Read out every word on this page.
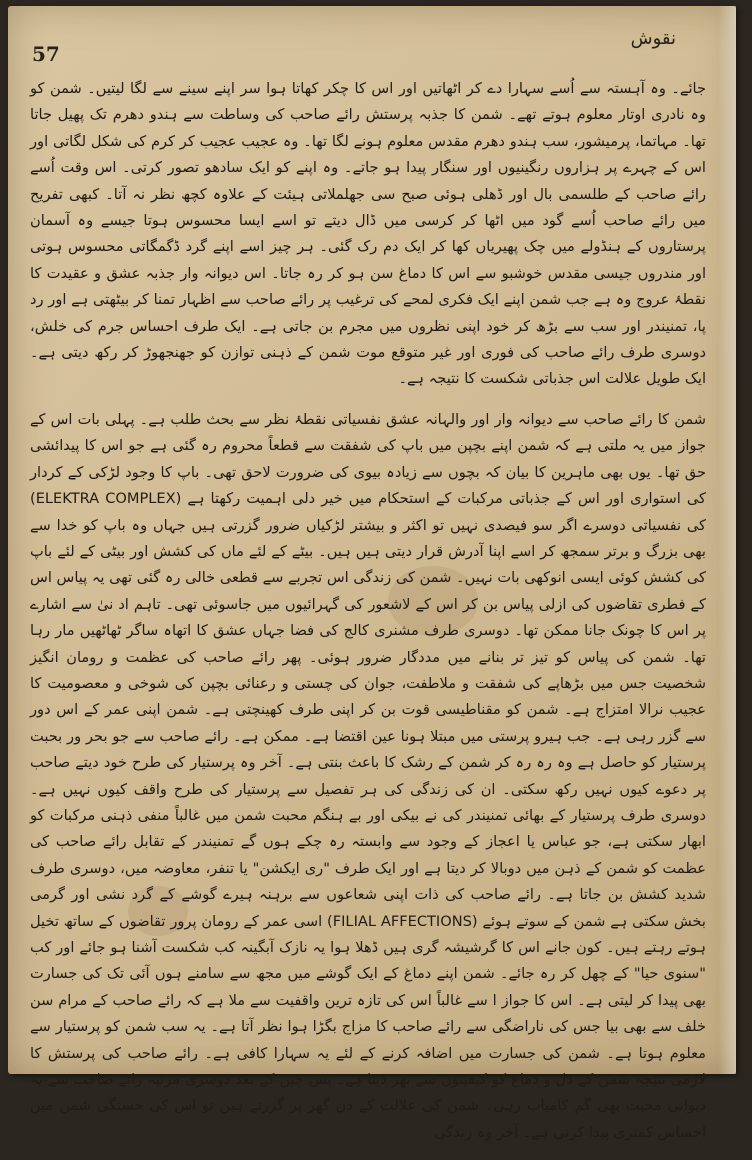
57
نقوش

جائے۔ وہ آہستہ سے اُسے سہارا دے کر اٹھاتیں اور اس کا چکر کھاتا ہوا سر اپنے سینے سے لگا لیتیں۔ شمن کو وہ نادری اوتار معلوم ہوتے تھے۔ شمن کا جذبہ پرستش رائے صاحب کی وساطت سے ہندو دھرم تک پھیل جاتا تھا۔ مہاتما، پرمیشور، سب ہندو دھرم مقدس معلوم ہونے لگا تھا۔ وہ عجیب عجیب کر کرم کی شکل لگاتی اور اس کے چہرے پر ہزاروں رنگینیوں اور سنگار پیدا ہو جاتے۔ وہ اپنے کو ایک سادھو تصور کرتی۔ اس وقت اُسے رائے صاحب کے طلسمی بال اور ڈھلی ہوئی صبح سی جھلملاتی ہیئت کے علاوہ کچھ نظر نہ آتا۔ کبھی تفریح میں رائے صاحب اُسے گود میں اٹھا کر کرسی میں ڈال دیتے تو اسے ایسا محسوس ہوتا جیسے وہ آسمان پرستاروں کے ہنڈولے میں چک پھیریاں کھا کر ایک دم رک گئی۔ ہر چیز اسے اپنے گرد ڈگمگاتی محسوس ہوتی اور مندروں جیسی مقدس خوشبو سے اس کا دماغ سن ہو کر رہ جاتا۔ اس دیوانہ وار جذبہ عشق و عقیدت کا نقطۂ عروج وہ ہے جب شمن اپنے ایک فکری لمحے کی ترغیب پر رائے صاحب سے اظہار تمنا کر بیٹھتی ہے اور رد پا، تمنیندر اور سب سے بڑھ کر خود اپنی نظروں میں مجرم بن جاتی ہے۔ ایک طرف احساس جرم کی خلش، دوسری طرف رائے صاحب کی فوری اور غیر متوقع موت شمن کے ذہنی توازن کو جھنجھوڑ کر رکھ دیتی ہے۔ ایک طویل علالت اس جذباتی شکست کا نتیجہ ہے۔

شمن کا رائے صاحب سے دیوانہ وار اور والہانہ عشق نفسیاتی نقطۂ نظر سے بحث طلب ہے۔ پہلی بات اس کے جواز میں یہ ملتی ہے کہ شمن اپنے بچپن میں باپ کی شفقت سے قطعاً محروم رہ گئی ہے جو اس کا پیدائشی حق تھا۔ یوں بھی ماہرین کا بیان کہ بچوں سے زیادہ بیوی کی ضرورت لاحق تھی۔ باپ کا وجود لڑکی کے کردار کی استواری اور اس کے جذباتی مرکبات کے استحکام میں خیر دلی اہمیت رکھتا ہے (ELEKTRA COMPLEX) کی نفسیاتی دوسرے اگر سو فیصدی نہیں تو اکثر و بیشتر لڑکیاں ضرور گزرتی ہیں جہاں وہ باپ کو خدا سے بھی بزرگ و برتر سمجھ کر اسے اپنا آدرش قرار دیتی ہیں ہیں۔ بیٹے کے لئے ماں کی کشش اور بیٹی کے لئے باپ کی کشش کوئی ایسی انوکھی بات نہیں۔ شمن کی زندگی اس تجربے سے قطعی خالی رہ گئی تھی یہ پیاس اس کے فطری تقاضوں کی ازلی پیاس بن کر اس کے لاشعور کی گہرائیوں میں جاسوئی تھی۔ تاہم اد نیٰ سے اشارے پر اس کا چونک جانا ممکن تھا۔ دوسری طرف مشنری کالج کی فضا جہاں عشق کا اتھاہ ساگر ٹھاٹھیں مار رہا تھا۔ شمن کی پیاس کو تیز تر بنانے میں مددگار ضرور ہوئی۔ پھر رائے صاحب کی عظمت و رومان انگیز شخصیت جس میں بڑھاپے کی شفقت و ملاطفت، جوان کی چستی و رعنائی بچپن کی شوخی و معصومیت کا عجیب نرالا امتزاج ہے۔ شمن کو مقناطیسی قوت بن کر اپنی طرف کھینچتی ہے۔ شمن اپنی عمر کے اس دور سے گزر رہی ہے۔ جب ہیرو پرستی میں مبتلا ہونا عین اقتضا ہے۔ ممکن ہے۔ رائے صاحب سے جو بحر ور بحبت پرستیار کو حاصل ہے وہ رہ رہ کر شمن کے رشک کا باعث بنتی ہے۔ آخر وہ پرستیار کی طرح خود دیتے صاحب پر دعوے کیوں نہیں رکھ سکتی۔ ان کی زندگی کی ہر تفصیل سے پرستیار کی طرح واقف کیوں نہیں ہے۔ دوسری طرف پرستیار کے بھائی تمنیندر کی نے بیکی اور بے ہنگم محبت شمن میں غالباً منفی ذہنی مرکبات کو ابھار سکتی ہے، جو عباس یا اعجاز کے وجود سے وابستہ رہ چکے ہوں گے تمنیندر کے تقابل رائے صاحب کی عظمت کو شمن کے ذہن میں دوبالا کر دیتا ہے اور ایک طرف "ری ایکشن" یا تنفر، معاوضہ میں، دوسری طرف شدید کشش بن جاتا ہے۔ رائے صاحب کی ذات اپنی شعاعوں سے برہنہ ہیرے گوشے کے گرد نشی اور گرمی بخش سکتی ہے شمن کے سوتے ہوئے (FILIAL AFFECTIONS) اسی عمر کے رومان پرور تقاضوں کے ساتھ تخیل ہوتے رہتے ہیں۔ کون جانے اس کا گرشیشہ گری ہیں ڈھلا ہوا یہ نازک آبگینہ کب شکست آشنا ہو جائے اور کب "سنوی حیا" کے چھل کر رہ جائے۔ شمن اپنے دماغ کے ایک گوشے میں مجھ سے سامنے ہوں آئی تک کی جسارت بھی پیدا کر لیتی ہے۔ اس کا جواز ا سے غالباً اس کی تازہ ترین واقفیت سے ملا ہے کہ رائے صاحب کے مرام سن خلف سے بھی بیا جس کی ناراضگی سے رائے صاحب کا مزاج بگڑا ہوا نظر آتا ہے۔ یہ سب شمن کو پرستیار سے معلوم ہوتا ہے۔ شمن کی جسارت میں اضافہ کرنے کے لئے یہ سہارا کافی ہے۔ رائے صاحب کی پرستش کا لازمی نتیجہ شمن کے دل و دماغ کو کیفیتوں سے بھر دیتا ہے۔ بس چین کے بعد دوسری مرتبہ رائے صاحب سے یہ دیوانی محبت بھی گم کامیاب رہی۔ شمن کی علالت کے دن گھر پر گزرتے ہیں تو اس کی خستگی شمن میں احساس کمتری پیدا کرتی ہے۔ آخر وہ زندگی
